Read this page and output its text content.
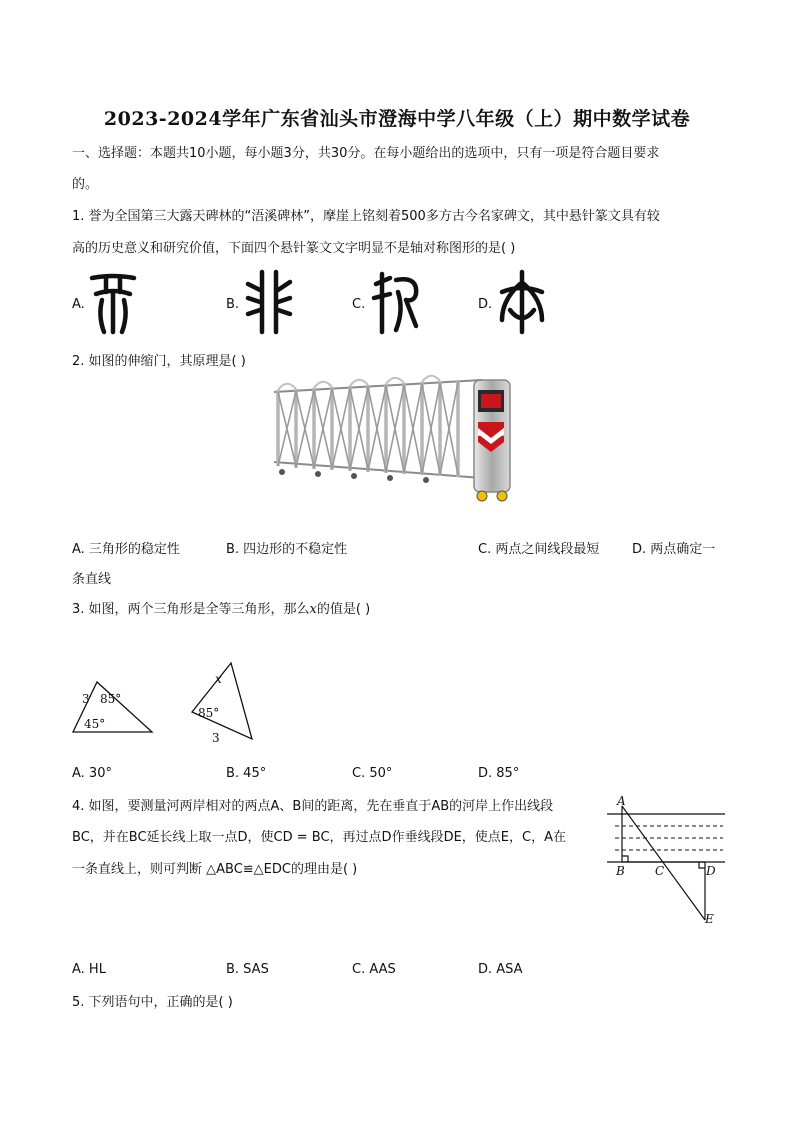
2023-2024学年广东省汕头市澄海中学八年级（上）期中数学试卷
一、选择题：本题共10小题，每小题3分，共30分。在每小题给出的选项中，只有一项是符合题目要求
的。
1. 誉为全国第三大露天碑林的“浯溪碑林”，摩崖上铭刻着500多方古今名家碑文，其中悬针篆文具有较
高的历史意义和研究价值，下面四个悬针篆文文字明显不是轴对称图形的是( )
A.	B.	C.	D.
2. 如图的伸缩门，其原理是( )
A. 三角形的稳定性	B. 四边形的不稳定性	C. 两点之间线段最短	D. 两点确定一
条直线
3. 如图，两个三角形是全等三角形，那么x的值是( )
3 85°
45°
x
85°
3
A. 30°	B. 45°	C. 50°	D. 85°
4. 如图，要测量河两岸相对的两点A、B间的距离，先在垂直于AB的河岸上作出线段
BC，并在BC延长线上取一点D，使CD = BC，再过点D作垂线段DE，使点E，C，A在
一条直线上，则可判断 △ABC≌△EDC的理由是( )
A
B	C	D
E
A. HL	B. SAS	C. AAS	D. ASA
5. 下列语句中，正确的是( )
